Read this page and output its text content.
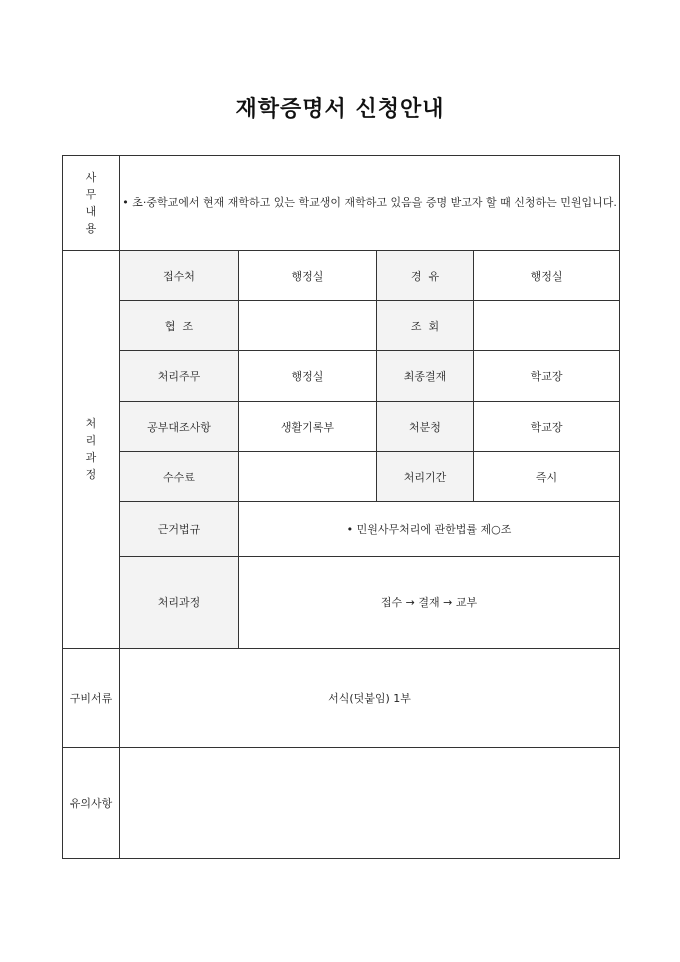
재학증명서 신청안내
사
무
내
용	• 초·중학교에서 현재 재학하고 있는 학교생이 재학하고 있음을 증명 받고자 할 때 신청하는 민원입니다.			

처
리
과
정	접수처	행정실	경  유	행정실
	협  조		조  회	
	처리주무	행정실	최종결재	학교장
	공부대조사항	생활기록부	처분청	학교장
	수수료		처리기간	즉시
	근거법규	• 민원사무처리에 관한법률 제○조		
	처리과정	접수 → 결재 → 교부		
구비서류	서식(덧붙임) 1부			
유의사항				
